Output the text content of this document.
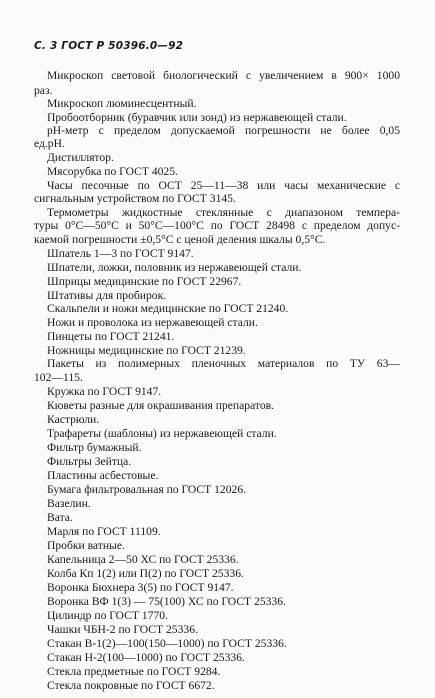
С. 3 ГОСТ Р 50396.0—92
Микроскоп световой биологический с увеличением в 900× 1000
раз.
Микроскоп люминесцентный.
Пробоотборник (буравчик или зонд) из нержавеющей стали.
pH-метр с пределом допускаемой погрешности не более 0,05
ед.рН.
Дистиллятор.
Мясорубка по ГОСТ 4025.
Часы песочные по ОСТ 25—11—38 или часы механические с
сигнальным устройством по ГОСТ 3145.
Термометры жидкостные стеклянные с диапазоном темпера-
туры 0°С—50°С и 50°С—100°С по ГОСТ 28498 с пределом допус-
каемой погрешности ±0,5°С с ценой деления шкалы 0,5°С.
Шпатель 1—3 по ГОСТ 9147.
Шпатели, ложки, половник из нержавеющей стали.
Шприцы медицинские по ГОСТ 22967.
Штативы для пробирок.
Скальпели и ножи медицинские по ГОСТ 21240.
Ножи и проволока из нержавеющей стали.
Пинцеты по ГОСТ 21241.
Ножницы медицинские по ГОСТ 21239.
Пакеты из полимерных пленочных материалов по ТУ 63—
102—115.
Кружка по ГОСТ 9147.
Кюветы разные для окрашивания препаратов.
Кастрюли.
Трафареты (шаблоны) из нержавеющей стали.
Фильтр бумажный.
Фильтры Зейтца.
Пластины асбестовые.
Бумага фильтровальная по ГОСТ 12026.
Вазелин.
Вата.
Марля по ГОСТ 11109.
Пробки ватные.
Капельница 2—50 ХС по ГОСТ 25336.
Колба Кп 1(2) или П(2) по ГОСТ 25336.
Воронка Бюхнера 3(5) по ГОСТ 9147.
Воронка ВФ 1(3) — 75(100) ХС по ГОСТ 25336.
Цилиндр по ГОСТ 1770.
Чашки ЧБН-2 по ГОСТ 25336.
Стакан В-1(2)—100(150—1000) по ГОСТ 25336.
Стакан Н-2(100—1000) по ГОСТ 25336.
Стекла предметные по ГОСТ 9284.
Стекла покровные по ГОСТ 6672.
